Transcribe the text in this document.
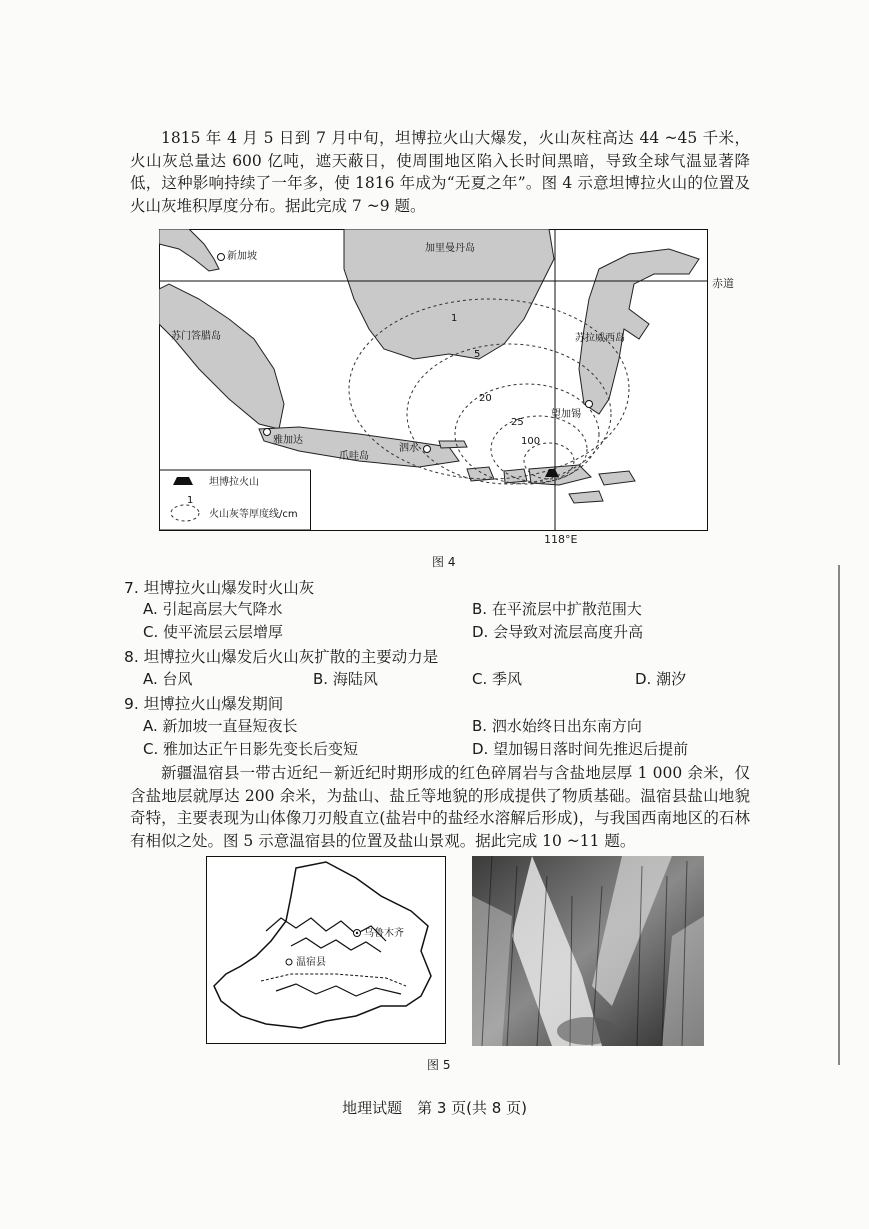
1815 年 4 月 5 日到 7 月中旬，坦博拉火山大爆发，火山灰柱高达 44 ~45 千米，火山灰总量达 600 亿吨，遮天蔽日，使周围地区陷入长时间黑暗，导致全球气温显著降低，这种影响持续了一年多，使 1816 年成为“无夏之年”。图 4 示意坦博拉火山的位置及火山灰堆积厚度分布。据此完成 7 ~9 题。

1
5
20
25
100
新加坡
加里曼丹岛
苏门答腊岛	苏拉威西岛
望加锡
雅加达
爪哇岛
泗水
坦博拉火山
1
火山灰等厚度线/cm
赤道
118°E
图 4
7. 坦博拉火山爆发时火山灰
A. 引起高层大气降水	B. 在平流层中扩散范围大
C. 使平流层云层增厚	D. 会导致对流层高度升高
8. 坦博拉火山爆发后火山灰扩散的主要动力是
A. 台风	B. 海陆风	C. 季风	D. 潮汐
9. 坦博拉火山爆发期间
A. 新加坡一直昼短夜长	B. 泗水始终日出东南方向
C. 雅加达正午日影先变长后变短	D. 望加锡日落时间先推迟后提前

新疆温宿县一带古近纪－新近纪时期形成的红色碎屑岩与含盐地层厚 1 000 余米，仅含盐地层就厚达 200 余米，为盐山、盐丘等地貌的形成提供了物质基础。温宿县盐山地貌奇特，主要表现为山体像刀刃般直立(盐岩中的盐经水溶解后形成)，与我国西南地区的石林有相似之处。图 5 示意温宿县的位置及盐山景观。据此完成 10 ~11 题。

乌鲁木齐
温宿县
图 5
地理试题　第 3 页(共 8 页)
